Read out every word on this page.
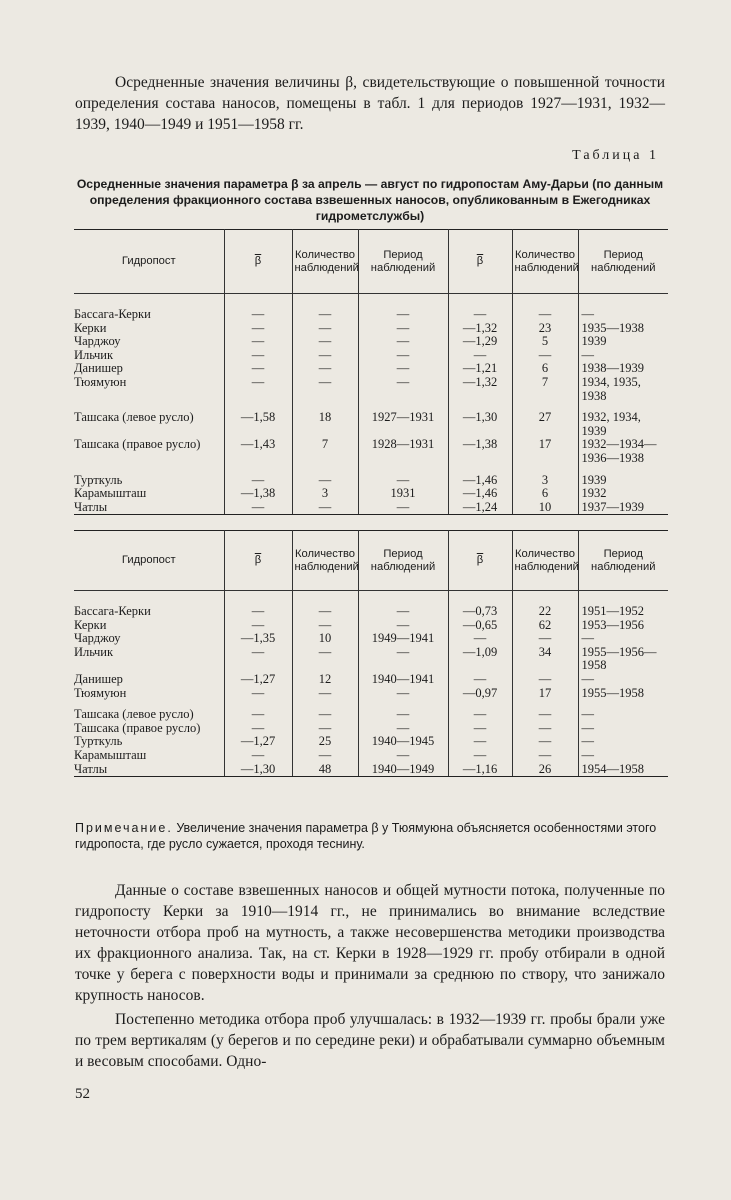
Осредненные значения величины β, свидетельствующие о повышенной точности определения состава наносов, помещены в табл. 1 для периодов 1927—1931, 1932—1939, 1940—1949 и 1951—1958 гг.

Таблица 1

Осредненные значения параметра β за апрель — август по гидропостам Аму-Дарьи (по данным определения фракционного состава взвешенных наносов, опубликованным в Ежегодниках гидрометслужбы)

Гидропост	$\overline{\beta}$	Количество наблюдений	Период наблюдений	$\overline{\beta}$	Количество наблюдений	Период наблюдений

Бассага-Керки	—	—	—	—	—	—
Керки	—	—	—	—1,32	23	1935—1938
Чарджоу	—	—	—	—1,29	5	1939
Ильчик	—	—	—	—	—	—
Данишер	—	—	—	—1,21	6	1938—1939
Тюямуюн	—	—	—	—1,32	7	1934, 1935,
1938

Ташсака (левое русло)	—1,58	18	1927—1931	—1,30	27	1932, 1934,
1939
Ташсака (правое русло)	—1,43	7	1928—1931	—1,38	17	1932—1934—
1936—1938

Турткуль	—	—	—	—1,46	3	1939
Карамышташ	—1,38	3	1931	—1,46	6	1932
Чатлы	—	—	—	—1,24	10	1937—1939
Гидропост	$\overline{\beta}$	Количество наблюдений	Период наблюдений	$\overline{\beta}$	Количество наблюдений	Период наблюдений

Бассага-Керки	—	—	—	—0,73	22	1951—1952
Керки	—	—	—	—0,65	62	1953—1956
Чарджоу	—1,35	10	1949—1941	—	—	—
Ильчик	—	—	—	—1,09	34	1955—1956—
1958
Данишер	—1,27	12	1940—1941	—	—	—
Тюямуюн	—	—	—	—0,97	17	1955—1958

Ташсака (левое русло)	—	—	—	—	—	—
Ташсака (правое русло)	—	—	—	—	—	—
Турткуль	—1,27	25	1940—1945	—	—	—
Карамышташ	—	—	—	—	—	—
Чатлы	—1,30	48	1940—1949	—1,16	26	1954—1958

Примечание. Увеличение значения параметра β у Тюямуюна объясняется особенностями этого гидропоста, где русло сужается, проходя теснину.

Данные о составе взвешенных наносов и общей мутности потока, полученные по гидропосту Керки за 1910—1914 гг., не принимались во внимание вследствие неточности отбора проб на мутность, а также несовершенства методики производства их фракционного анализа. Так, на ст. Керки в 1928—1929 гг. пробу отбирали в одной точке у берега с поверхности воды и принимали за среднюю по створу, что занижало крупность наносов.

Постепенно методика отбора проб улучшалась: в 1932—1939 гг. пробы брали уже по трем вертикалям (у берегов и по середине реки) и обрабатывали суммарно объемным и весовым способами. Одно-

52
